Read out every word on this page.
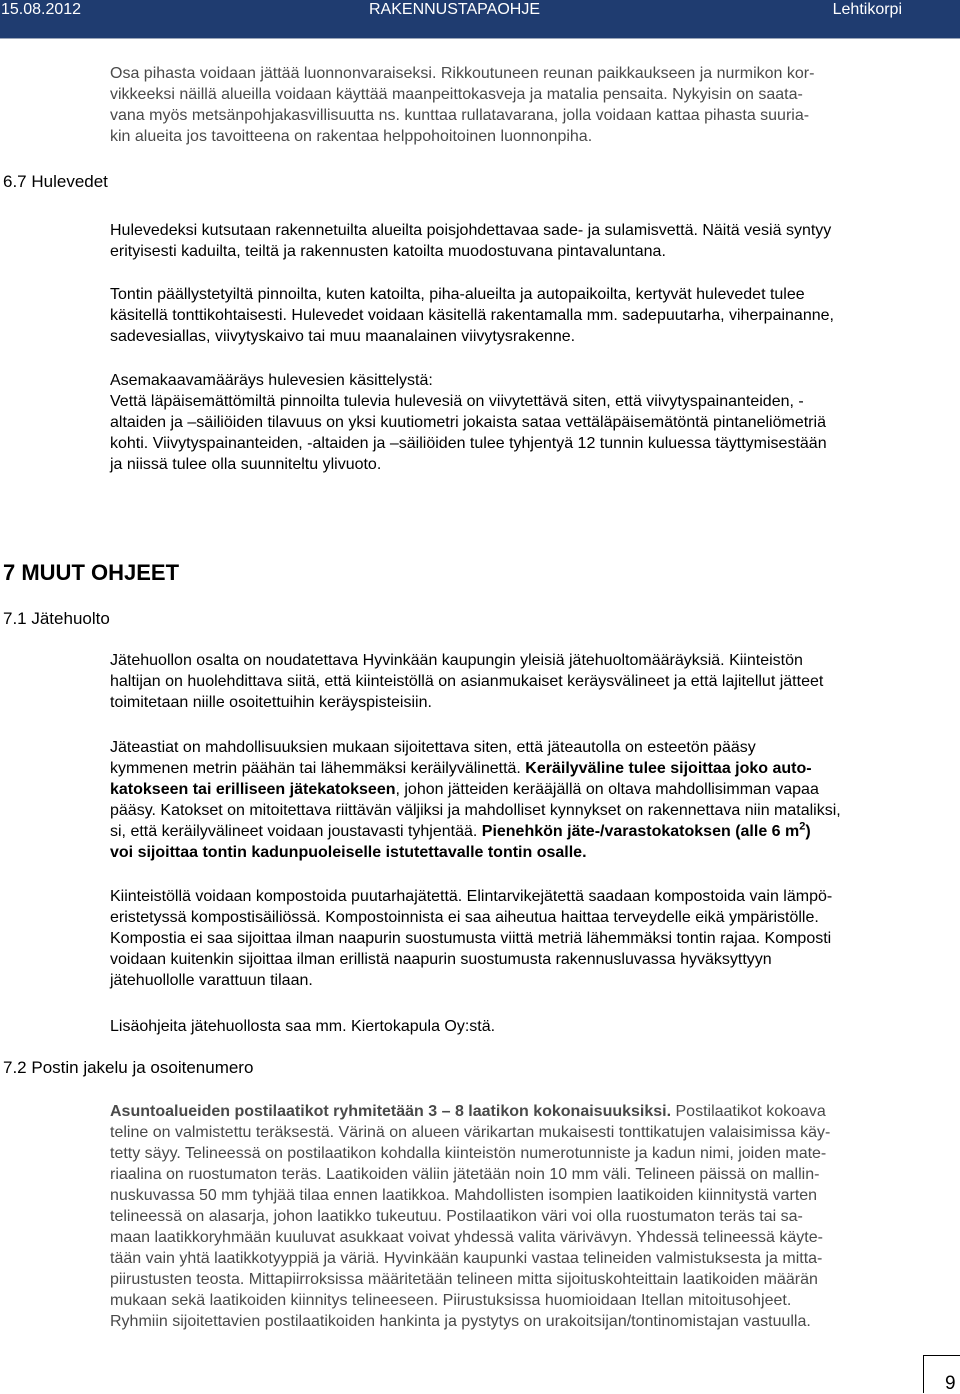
15.08.2012	RAKENNUSTAPAOHJE	Lehtikorpi

Osa pihasta voidaan jättää luonnonvaraiseksi. Rikkoutuneen reunan paikkaukseen ja nurmikon kor-

vikkeeksi näillä alueilla voidaan käyttää maanpeittokasveja ja matalia pensaita. Nykyisin on saata-

vana myös metsänpohjakasvillisuutta ns. kunttaa rullatavarana, jolla voidaan kattaa pihasta suuria-

kin alueita jos tavoitteena on rakentaa helppohoitoinen luonnonpiha.

6.7 Hulevedet

Hulevedeksi kutsutaan rakennetuilta alueilta poisjohdettavaa sade- ja sulamisvettä. Näitä vesiä syntyy

erityisesti kaduilta, teiltä ja rakennusten katoilta muodostuvana pintavaluntana.

Tontin päällystetyiltä pinnoilta, kuten katoilta, piha-alueilta ja autopaikoilta, kertyvät hulevedet tulee

käsitellä tonttikohtaisesti. Hulevedet voidaan käsitellä rakentamalla mm. sadepuutarha, viherpainanne,

sadevesiallas, viivytyskaivo tai muu maanalainen viivytysrakenne.

Asemakaavamääräys hulevesien käsittelystä:

Vettä läpäisemättömiltä pinnoilta tulevia hulevesiä on viivytettävä siten, että viivytyspainanteiden, -

altaiden ja –säiliöiden tilavuus on yksi kuutiometri jokaista sataa vettäläpäisemätöntä pintaneliömetriä

kohti. Viivytyspainanteiden, -altaiden ja –säiliöiden tulee tyhjentyä 12 tunnin kuluessa täyttymisestään

ja niissä tulee olla suunniteltu ylivuoto.

7 MUUT OHJEET
7.1 Jätehuolto

Jätehuollon osalta on noudatettava Hyvinkään kaupungin yleisiä jätehuoltomääräyksiä. Kiinteistön

haltijan on huolehdittava siitä, että kiinteistöllä on asianmukaiset keräysvälineet ja että lajitellut jätteet

toimitetaan niille osoitettuihin keräyspisteisiin.

Jäteastiat on mahdollisuuksien mukaan sijoitettava siten, että jäteautolla on esteetön pääsy

kymmenen metrin päähän tai lähemmäksi keräilyvälinettä. Keräilyväline tulee sijoittaa joko auto-

katokseen tai erilliseen jätekatokseen, johon jätteiden kerääjällä on oltava mahdollisimman vapaa

pääsy. Katokset on mitoitettava riittävän väljiksi ja mahdolliset kynnykset on rakennettava niin mataliksi,

si, että keräilyvälineet voidaan joustavasti tyhjentää. Pienehkön jäte-/varastokatoksen (alle 6 $m^2$)

voi sijoittaa tontin kadunpuoleiselle istutettavalle tontin osalle.

Kiinteistöllä voidaan kompostoida puutarhajätettä. Elintarvikejätettä saadaan kompostoida vain lämpö-

eristetyssä kompostisäiliössä. Kompostoinnista ei saa aiheutua haittaa terveydelle eikä ympäristölle.

Kompostia ei saa sijoittaa ilman naapurin suostumusta viittä metriä lähemmäksi tontin rajaa. Komposti

voidaan kuitenkin sijoittaa ilman erillistä naapurin suostumusta rakennusluvassa hyväksyttyyn

jätehuollolle varattuun tilaan.

Lisäohjeita jätehuollosta saa mm. Kiertokapula Oy:stä.
7.2 Postin jakelu ja osoitenumero

Asuntoalueiden postilaatikot ryhmitetään 3 – 8 laatikon kokonaisuuksiksi. Postilaatikot kokoava

teline on valmistettu teräksestä. Värinä on alueen värikartan mukaisesti tonttikatujen valaisimissa käy-

tetty säyy. Telineessä on postilaatikon kohdalla kiinteistön numerotunniste ja kadun nimi, joiden mate-

riaalina on ruostumaton teräs. Laatikoiden väliin jätetään noin 10 mm väli. Telineen päissä on mallin-

nuskuvassa 50 mm tyhjää tilaa ennen laatikkoa. Mahdollisten isompien laatikoiden kiinnitystä varten

telineessä on alasarja, johon laatikko tukeutuu. Postilaatikon väri voi olla ruostumaton teräs tai sa-

maan laatikkoryhmään kuuluvat asukkaat voivat yhdessä valita värivävyn. Yhdessä telineessä käyte-

tään vain yhtä laatikkotyyppiä ja väriä. Hyvinkään kaupunki vastaa telineiden valmistuksesta ja mitta-

piirustusten teosta. Mittapiirroksissa määritetään telineen mitta sijoituskohteittain laatikoiden määrän

mukaan sekä laatikoiden kiinnitys telineeseen. Piirustuksissa huomioidaan Itellan mitoitusohjeet.

Ryhmiin sijoitettavien postilaatikoiden hankinta ja pystytys on urakoitsijan/tontinomistajan vastuulla.

9
